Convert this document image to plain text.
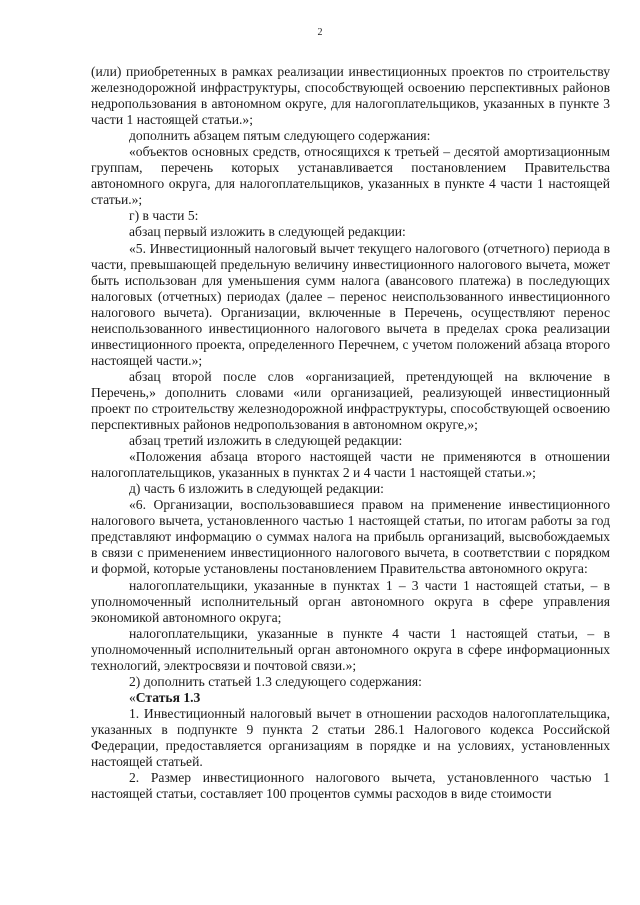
2

(или) приобретенных в рамках реализации инвестиционных проектов по строительству железнодорожной инфраструктуры, способствующей освоению перспективных районов недропользования в автономном округе, для налогоплательщиков, указанных в пункте 3 части 1 настоящей статьи.»;

дополнить абзацем пятым следующего содержания:

«объектов основных средств, относящихся к третьей – десятой амортизационным группам, перечень которых устанавливается постановлением Правительства автономного округа, для налогоплательщиков, указанных в пункте 4 части 1 настоящей статьи.»;

г) в части 5:

абзац первый изложить в следующей редакции:

«5. Инвестиционный налоговый вычет текущего налогового (отчетного) периода в части, превышающей предельную величину инвестиционного налогового вычета, может быть использован для уменьшения сумм налога (авансового платежа) в последующих налоговых (отчетных) периодах (далее – перенос неиспользованного инвестиционного налогового вычета). Организации, включенные в Перечень, осуществляют перенос неиспользованного инвестиционного налогового вычета в пределах срока реализации инвестиционного проекта, определенного Перечнем, с учетом положений абзаца второго настоящей части.»;

абзац второй после слов «организацией, претендующей на включение в Перечень,» дополнить словами «или организацией, реализующей инвестиционный проект по строительству железнодорожной инфраструктуры, способствующей освоению перспективных районов недропользования в автономном округе,»;

абзац третий изложить в следующей редакции:

«Положения абзаца второго настоящей части не применяются в отношении налогоплательщиков, указанных в пунктах 2 и 4 части 1 настоящей статьи.»;

д) часть 6 изложить в следующей редакции:

«6. Организации, воспользовавшиеся правом на применение инвестиционного налогового вычета, установленного частью 1 настоящей статьи, по итогам работы за год представляют информацию о суммах налога на прибыль организаций, высвобождаемых в связи с применением инвестиционного налогового вычета, в соответствии с порядком и формой, которые установлены постановлением Правительства автономного округа:

налогоплательщики, указанные в пунктах 1 – 3 части 1 настоящей статьи, – в уполномоченный исполнительный орган автономного округа в сфере управления экономикой автономного округа;

налогоплательщики, указанные в пункте 4 части 1 настоящей статьи, – в уполномоченный исполнительный орган автономного округа в сфере информационных технологий, электросвязи и почтовой связи.»;

2) дополнить статьей 1.3 следующего содержания:

«Статья 1.3

1. Инвестиционный налоговый вычет в отношении расходов налогоплательщика, указанных в подпункте 9 пункта 2 статьи 286.1 Налогового кодекса Российской Федерации, предоставляется организациям в порядке и на условиях, установленных настоящей статьей.

2. Размер инвестиционного налогового вычета, установленного частью 1 настоящей статьи, составляет 100 процентов суммы расходов в виде стоимости
